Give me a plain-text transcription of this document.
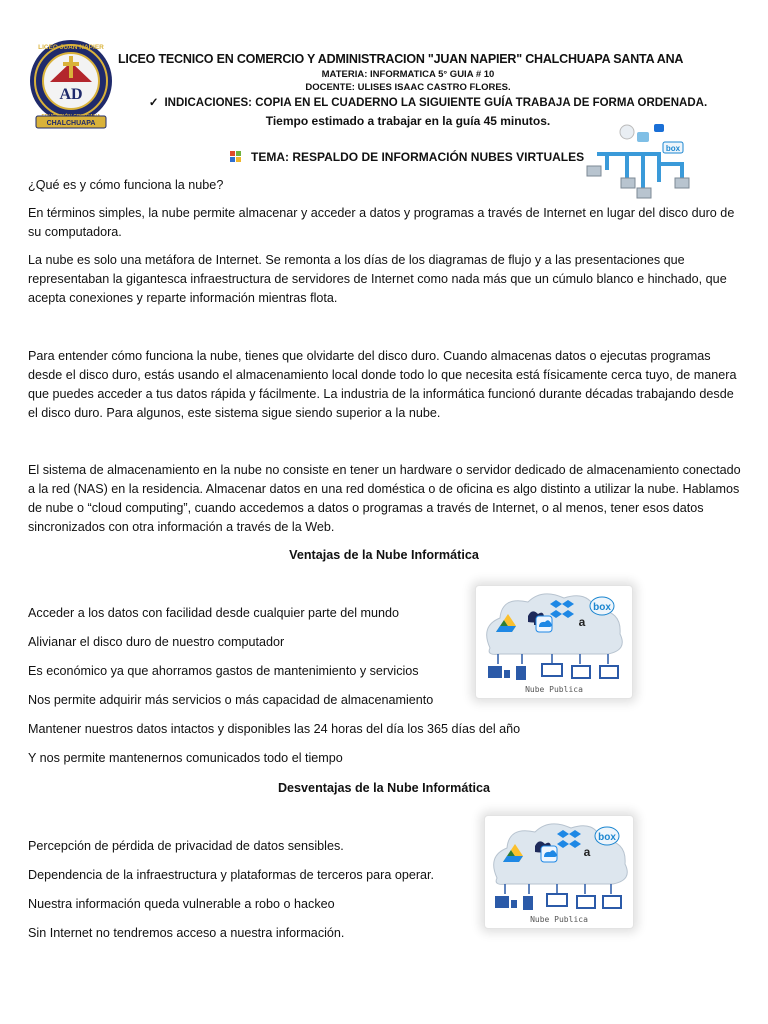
AD
LICEO JUAN NAPIER
CHALCHUAPA
LICEO TECNICO EN COMERCIO Y ADMINISTRACION "JUAN NAPIER" CHALCHUAPA SANTA ANA
MATERIA: INFORMATICA 5° GUIA # 10
DOCENTE: ULISES ISAAC CASTRO FLORES.
✓ INDICACIONES: COPIA EN EL CUADERNO LA SIGUIENTE GUÍA TRABAJA DE FORMA ORDENADA.
Tiempo estimado a trabajar en la guía 45 minutos.
TEMA: RESPALDO DE INFORMACIÓN NUBES VIRTUALES
box
¿Qué es y cómo funciona la nube?
En términos simples, la nube permite almacenar y acceder a datos y programas a través de Internet en lugar del disco duro de su computadora.
La nube es solo una metáfora de Internet. Se remonta a los días de los diagramas de flujo y a las presentaciones que representaban la gigantesca infraestructura de servidores de Internet como nada más que un cúmulo blanco e hinchado, que acepta conexiones y reparte información mientras flota.
Para entender cómo funciona la nube, tienes que olvidarte del disco duro. Cuando almacenas datos o ejecutas programas desde el disco duro, estás usando el almacenamiento local donde todo lo que necesita está físicamente cerca tuyo, de manera que puedes acceder a tus datos rápida y fácilmente. La industria de la informática funcionó durante décadas trabajando desde el disco duro. Para algunos, este sistema sigue siendo superior a la nube.
El sistema de almacenamiento en la nube no consiste en tener un hardware o servidor dedicado de almacenamiento conectado a la red (NAS) en la residencia. Almacenar datos en una red doméstica o de oficina es algo distinto a utilizar la nube. Hablamos de nube o “cloud computing”, cuando accedemos a datos o programas a través de Internet, o al menos, tener esos datos sincronizados con otra información a través de la Web.
Ventajas de la Nube Informática
Acceder a los datos con facilidad desde cualquier parte del mundo
Alivianar el disco duro de nuestro computador
Es económico ya que ahorramos gastos de mantenimiento y servicios
Nos permite adquirir más servicios o más capacidad de almacenamiento
Mantener nuestros datos intactos y disponibles las 24 horas del día los 365 días del año
Y nos permite mantenernos comunicados todo el tiempo
Desventajas de la Nube Informática
Percepción de pérdida de privacidad de datos sensibles.
Dependencia de la infraestructura y plataformas de terceros para operar.
Nuestra información queda vulnerable a robo o hackeo
Sin Internet no tendremos acceso a nuestra información.
box
a
Nube Publica
box
a
Nube Publica
